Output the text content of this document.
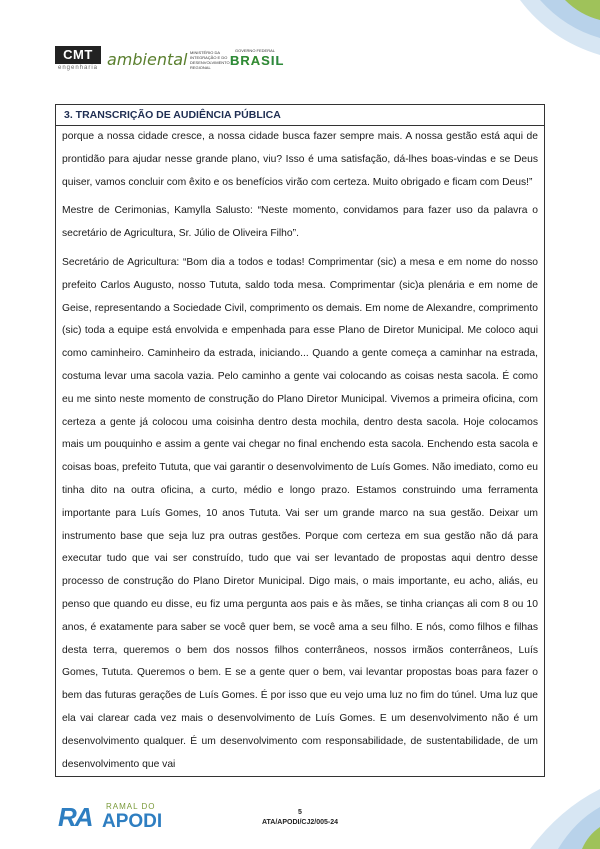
CMT
engenharia ambiental MINISTÉRIO DA INTEGRAÇÃO E DO DESENVOLVIMENTO REGIONAL
GOVERNO FEDERAL
BRASIL
3. TRANSCRIÇÃO DE AUDIÊNCIA PÚBLICA

porque a nossa cidade cresce, a nossa cidade busca fazer sempre mais. A nossa gestão está aqui de prontidão para ajudar nesse grande plano, viu? Isso é uma satisfação, dá-lhes boas-vindas e se Deus quiser, vamos concluir com êxito e os benefícios virão com certeza. Muito obrigado e ficam com Deus!”

Mestre de Cerimonias, Kamylla Salusto: “Neste momento, convidamos para fazer uso da palavra o secretário de Agricultura, Sr. Júlio de Oliveira Filho”.

Secretário de Agricultura: “Bom dia a todos e todas! Comprimentar (sic) a mesa e em nome do nosso prefeito Carlos Augusto, nosso Tututa, saldo toda mesa. Comprimentar (sic)a plenária e em nome de Geise, representando a Sociedade Civil, comprimento os demais. Em nome de Alexandre, comprimento (sic) toda a equipe está envolvida e empenhada para esse Plano de Diretor Municipal. Me coloco aqui como caminheiro. Caminheiro da estrada, iniciando... Quando a gente começa a caminhar na estrada, costuma levar uma sacola vazia. Pelo caminho a gente vai colocando as coisas nesta sacola. É como eu me sinto neste momento de construção do Plano Diretor Municipal. Vivemos a primeira oficina, com certeza a gente já colocou uma coisinha dentro desta mochila, dentro desta sacola. Hoje colocamos mais um pouquinho e assim a gente vai chegar no final enchendo esta sacola. Enchendo esta sacola e coisas boas, prefeito Tututa, que vai garantir o desenvolvimento de Luís Gomes. Não imediato, como eu tinha dito na outra oficina, a curto, médio e longo prazo. Estamos construindo uma ferramenta importante para Luís Gomes, 10 anos Tututa. Vai ser um grande marco na sua gestão. Deixar um instrumento base que seja luz pra outras gestões. Porque com certeza em sua gestão não dá para executar tudo que vai ser construído, tudo que vai ser levantado de propostas aqui dentro desse processo de construção do Plano Diretor Municipal. Digo mais, o mais importante, eu acho, aliás, eu penso que quando eu disse, eu fiz uma pergunta aos pais e às mães, se tinha crianças ali com 8 ou 10 anos, é exatamente para saber se você quer bem, se você ama a seu filho. E nós, como filhos e filhas desta terra, queremos o bem dos nossos filhos conterrâneos, nossos irmãos conterrâneos, Luís Gomes, Tututa. Queremos o bem. E se a gente quer o bem, vai levantar propostas boas para fazer o bem das futuras gerações de Luís Gomes. É por isso que eu vejo uma luz no fim do túnel. Uma luz que ela vai clarear cada vez mais o desenvolvimento de Luís Gomes. E um desenvolvimento não é um desenvolvimento qualquer. É um desenvolvimento com responsabilidade, de sustentabilidade, de um desenvolvimento que vai

RA RAMAL DO
APODI	5
ATA/APODI/CJ2/005-24
